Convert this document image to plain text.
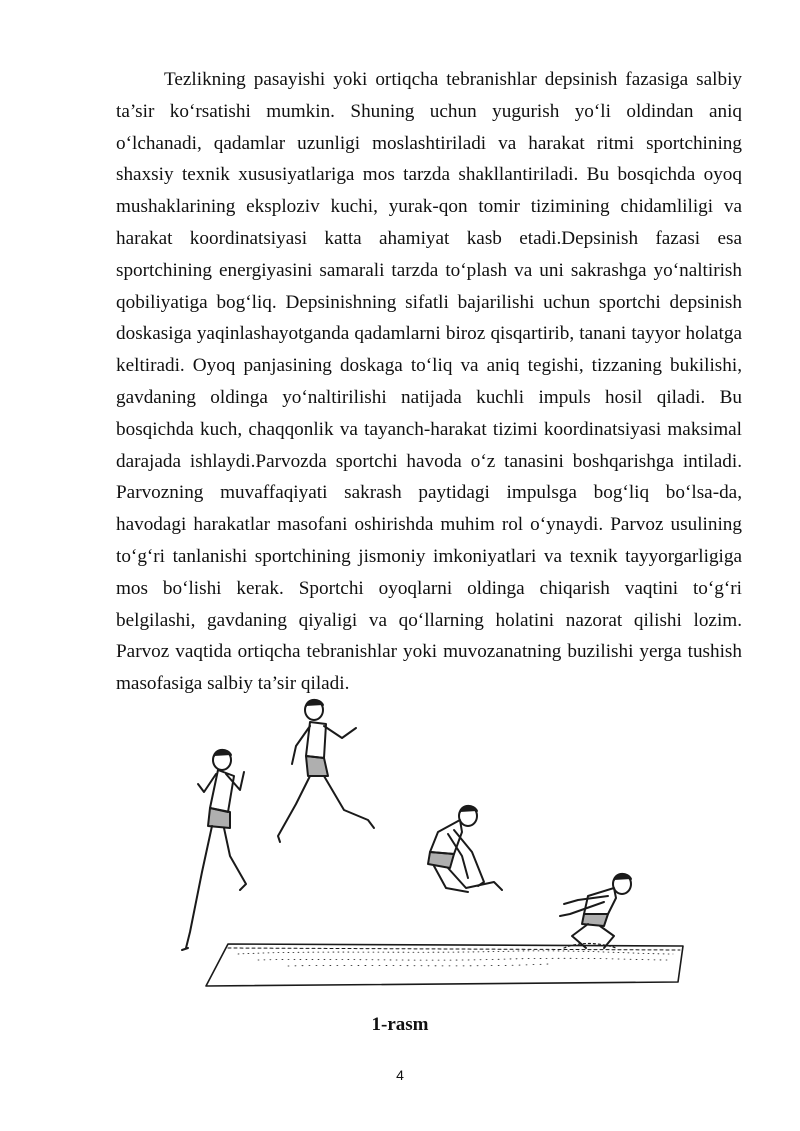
Tezlikning pasayishi yoki ortiqcha tebranishlar depsinish fazasiga salbiy ta’sir ko‘rsatishi mumkin. Shuning uchun yugurish yo‘li oldindan aniq o‘lchanadi, qadamlar uzunligi moslashtiriladi va harakat ritmi sportchining shaxsiy texnik xususiyatlariga mos tarzda shakllantiriladi. Bu bosqichda oyoq mushaklarining eksploziv kuchi, yurak-qon tomir tizimining chidamliligi va harakat koordinatsiyasi katta ahamiyat kasb etadi.Depsinish fazasi esa sportchining energiyasini samarali tarzda to‘plash va uni sakrashga yo‘naltirish qobiliyatiga bog‘liq. Depsinishning sifatli bajarilishi uchun sportchi depsinish doskasiga yaqinlashayotganda qadamlarni biroz qisqartirib, tanani tayyor holatga keltiradi. Oyoq panjasining doskaga to‘liq va aniq tegishi, tizzaning bukilishi, gavdaning oldinga yo‘naltirilishi natijada kuchli impuls hosil qiladi. Bu bosqichda kuch, chaqqonlik va tayanch-harakat tizimi koordinatsiyasi maksimal darajada ishlaydi.Parvozda sportchi havoda o‘z tanasini boshqarishga intiladi. Parvozning muvaffaqiyati sakrash paytidagi impulsga bog‘liq bo‘lsa-da, havodagi harakatlar masofani oshirishda muhim rol o‘ynaydi. Parvoz usulining to‘g‘ri tanlanishi sportchining jismoniy imkoniyatlari va texnik tayyorgarligiga mos bo‘lishi kerak. Sportchi oyoqlarni oldinga chiqarish vaqtini to‘g‘ri belgilashi, gavdaning qiyaligi va qo‘llarning holatini nazorat qilishi lozim. Parvoz vaqtida ortiqcha tebranishlar yoki muvozanatning buzilishi yerga tushish masofasiga salbiy ta’sir qiladi.

1-rasm
4
